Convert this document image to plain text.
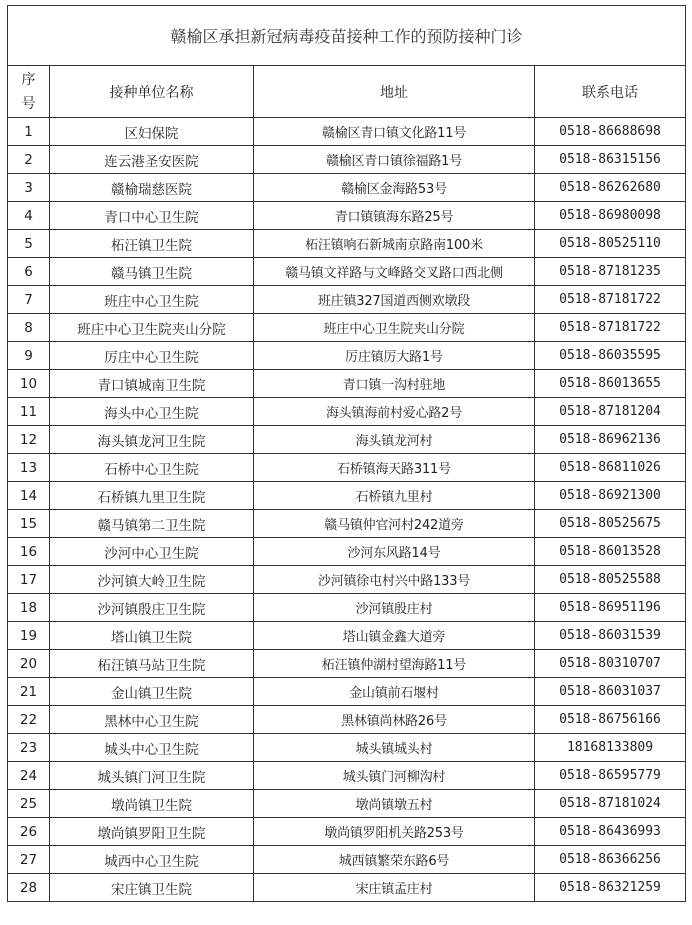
赣榆区承担新冠病毒疫苗接种工作的预防接种门诊			
序
号	接种单位名称	地址	联系电话
1	区妇保院	赣榆区青口镇文化路11号	0518-86688698
2	连云港圣安医院	赣榆区青口镇徐福路1号	0518-86315156
3	赣榆瑞慈医院	赣榆区金海路53号	0518-86262680
4	青口中心卫生院	青口镇镇海东路25号	0518-86980098
5	柘汪镇卫生院	柘汪镇响石新城南京路南100米	0518-80525110
6	赣马镇卫生院	赣马镇文祥路与文峰路交叉路口西北侧	0518-87181235
7	班庄中心卫生院	班庄镇327国道西侧欢墩段	0518-87181722
8	班庄中心卫生院夹山分院	班庄中心卫生院夹山分院	0518-87181722
9	厉庄中心卫生院	厉庄镇厉大路1号	0518-86035595
10	青口镇城南卫生院	青口镇一沟村驻地	0518-86013655
11	海头中心卫生院	海头镇海前村爱心路2号	0518-87181204
12	海头镇龙河卫生院	海头镇龙河村	0518-86962136
13	石桥中心卫生院	石桥镇海天路311号	0518-86811026
14	石桥镇九里卫生院	石桥镇九里村	0518-86921300
15	赣马镇第二卫生院	赣马镇仲官河村242道旁	0518-80525675
16	沙河中心卫生院	沙河东风路14号	0518-86013528
17	沙河镇大岭卫生院	沙河镇徐屯村兴中路133号	0518-80525588
18	沙河镇殷庄卫生院	沙河镇殷庄村	0518-86951196
19	塔山镇卫生院	塔山镇金鑫大道旁	0518-86031539
20	柘汪镇马站卫生院	柘汪镇仲湖村望海路11号	0518-80310707
21	金山镇卫生院	金山镇前石堰村	0518-86031037
22	黑林中心卫生院	黑林镇尚林路26号	0518-86756166
23	城头中心卫生院	城头镇城头村	18168133809
24	城头镇门河卫生院	城头镇门河柳沟村	0518-86595779
25	墩尚镇卫生院	墩尚镇墩五村	0518-87181024
26	墩尚镇罗阳卫生院	墩尚镇罗阳机关路253号	0518-86436993
27	城西中心卫生院	城西镇繁荣东路6号	0518-86366256
28	宋庄镇卫生院	宋庄镇孟庄村	0518-86321259
